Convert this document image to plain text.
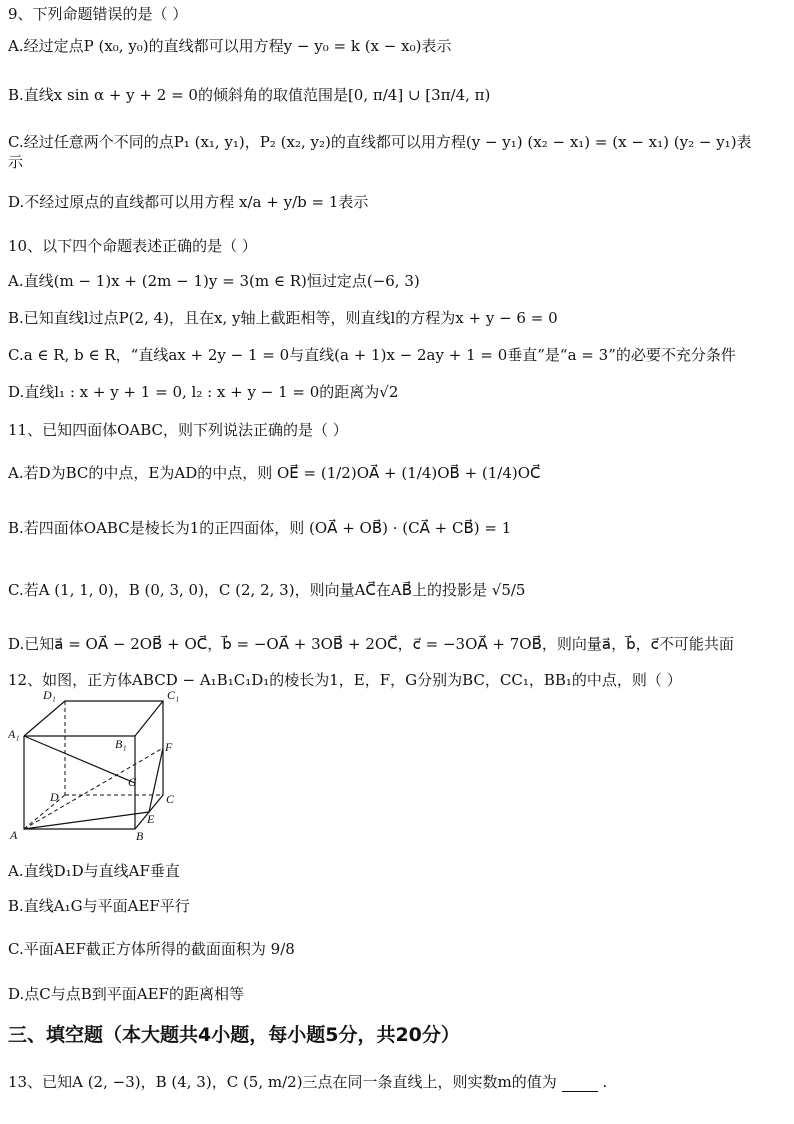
9、下列命题错误的是（ ）
A.经过定点P (x₀, y₀)的直线都可以用方程y − y₀ = k (x − x₀)表示
B.直线x sin α + y + 2 = 0的倾斜角的取值范围是[0, π/4] ∪ [3π/4, π)
C.经过任意两个不同的点P₁ (x₁, y₁)，P₂ (x₂, y₂)的直线都可以用方程(y − y₁) (x₂ − x₁) = (x − x₁) (y₂ − y₁)表
示
D.不经过原点的直线都可以用方程 x/a + y/b = 1表示
10、以下四个命题表述正确的是（ ）
A.直线(m − 1)x + (2m − 1)y = 3(m ∈ R)恒过定点(−6, 3)
B.已知直线l过点P(2, 4)，且在x, y轴上截距相等，则直线l的方程为x + y − 6 = 0
C.a ∈ R, b ∈ R，“直线ax + 2y − 1 = 0与直线(a + 1)x − 2ay + 1 = 0垂直”是“a = 3”的必要不充分条件
D.直线l₁ : x + y + 1 = 0, l₂ : x + y − 1 = 0的距离为√2
11、已知四面体OABC，则下列说法正确的是（ ）
A.若D为BC的中点，E为AD的中点，则 OE⃗ = (1/2)OA⃗ + (1/4)OB⃗ + (1/4)OC⃗
B.若四面体OABC是棱长为1的正四面体，则 (OA⃗ + OB⃗) · (CA⃗ + CB⃗) = 1
C.若A (1, 1, 0)，B (0, 3, 0)，C (2, 2, 3)，则向量AC⃗在AB⃗上的投影是 √5/5
D.已知a⃗ = OA⃗ − 2OB⃗ + OC⃗，b⃗ = −OA⃗ + 3OB⃗ + 2OC⃗，c⃗ = −3OA⃗ + 7OB⃗，则向量a⃗，b⃗，c⃗不可能共面
12、如图，正方体ABCD − A₁B₁C₁D₁的棱长为1，E，F，G分别为BC，CC₁，BB₁的中点，则（ ）
D₁	C₁
A₁
B₁	F
G
D	C
E
A	B
A.直线D₁D与直线AF垂直
B.直线A₁G与平面AEF平行
C.平面AEF截正方体所得的截面面积为 9/8
D.点C与点B到平面AEF的距离相等
三、填空题（本大题共4小题，每小题5分，共20分）
13、已知A (2, −3)，B (4, 3)，C (5, m/2)三点在同一条直线上，则实数m的值为	.
